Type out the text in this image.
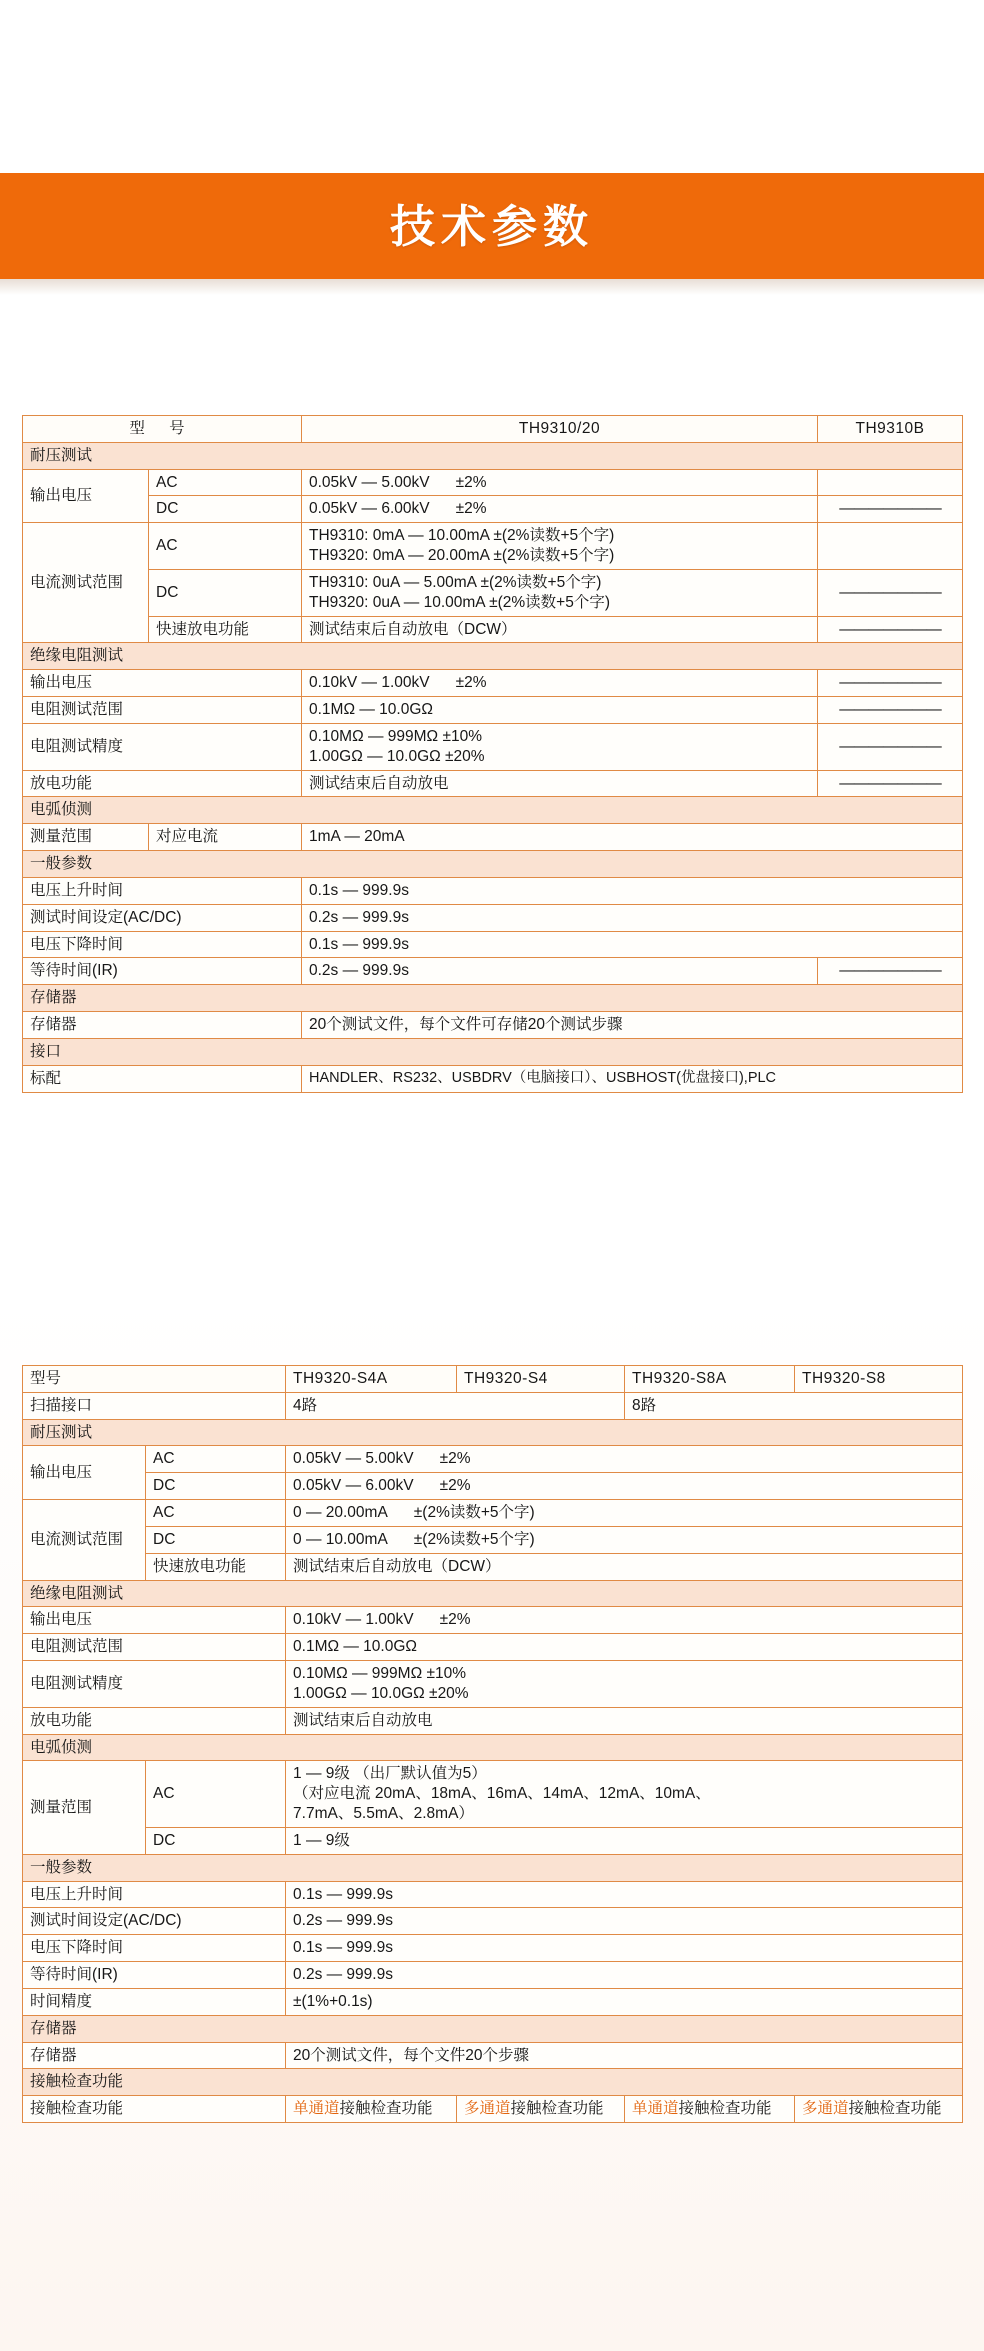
技术参数
型 号		TH9310/20	TH9310B
耐压测试			
输出电压	AC	0.05kV — 5.00kV ±2%	
	DC	0.05kV — 6.00kV ±2%	———————
电流测试范围	AC	TH9310: 0mA — 10.00mA ±(2%读数+5个字)
TH9320: 0mA — 20.00mA ±(2%读数+5个字)	

	DC	TH9310: 0uA — 5.00mA ±(2%读数+5个字)
TH9320: 0uA — 10.00mA ±(2%读数+5个字)	———————
	快速放电功能	测试结束后自动放电（DCW）	———————
绝缘电阻测试			
输出电压		0.10kV — 1.00kV ±2%	———————
电阻测试范围		0.1MΩ — 10.0GΩ	———————
电阻测试精度		0.10MΩ — 999MΩ ±10%
1.00GΩ — 10.0GΩ ±20%	———————
放电功能		测试结束后自动放电	———————
电弧侦测			
测量范围	对应电流	1mA — 20mA	
一般参数			
电压上升时间		0.1s — 999.9s	
测试时间设定(AC/DC)		0.2s — 999.9s	
电压下降时间		0.1s — 999.9s	
等待时间(IR)		0.2s — 999.9s	———————
存储器			
存储器		20个测试文件，每个文件可存储20个测试步骤	
接口			
标配		HANDLER、RS232、USBDRV（电脑接口）、USBHOST(优盘接口),PLC	
型号		TH9320-S4A	TH9320-S4	TH9320-S8A	TH9320-S8
扫描接口		4路		8路	
耐压测试					
输出电压	AC	0.05kV — 5.00kV ±2%			
	DC	0.05kV — 6.00kV ±2%			
电流测试范围	AC	0 — 20.00mA ±(2%读数+5个字)			
	DC	0 — 10.00mA ±(2%读数+5个字)			
	快速放电功能	测试结束后自动放电（DCW）			
绝缘电阻测试					
输出电压		0.10kV — 1.00kV ±2%			
电阻测试范围		0.1MΩ — 10.0GΩ			
电阻测试精度		0.10MΩ — 999MΩ ±10%
1.00GΩ — 10.0GΩ ±20%			

放电功能		测试结束后自动放电			
电弧侦测					
测量范围	AC	1 — 9级 （出厂默认值为5）
（对应电流 20mA、18mA、16mA、14mA、12mA、10mA、
7.7mA、5.5mA、2.8mA）			

	DC	1 — 9级			
一般参数					
电压上升时间		0.1s — 999.9s			
测试时间设定(AC/DC)		0.2s — 999.9s			
电压下降时间		0.1s — 999.9s			
等待时间(IR)		0.2s — 999.9s			
时间精度		±(1%+0.1s)			
存储器					
存储器		20个测试文件，每个文件20个步骤			
接触检查功能					
接触检查功能		单通道接触检查功能	多通道接触检查功能	单通道接触检查功能	多通道接触检查功能
